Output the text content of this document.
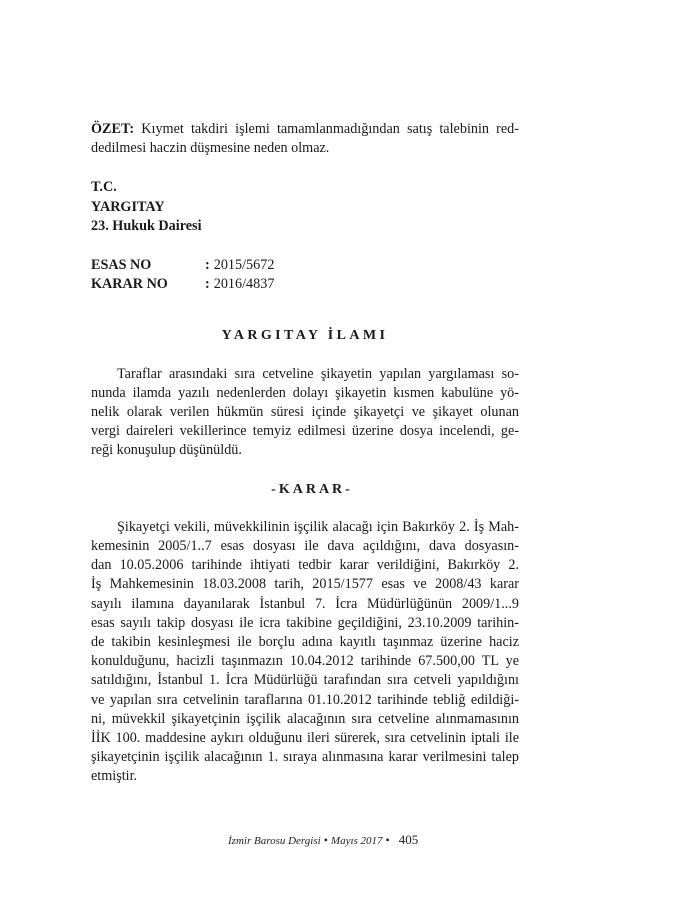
ÖZET: Kıymet takdiri işlemi tamamlanmadığından satış talebinin red-
dedilmesi haczin düşmesine neden olmaz.
T.C.
YARGITAY
23. Hukuk Dairesi
ESAS NO	: 2015/5672
KARAR NO	: 2016/4837
YARGITAY İLAMI
Taraflar arasındaki sıra cetveline şikayetin yapılan yargılaması so-
nunda ilamda yazılı nedenlerden dolayı şikayetin kısmen kabulüne yö-
nelik olarak verilen hükmün süresi içinde şikayetçi ve şikayet olunan
vergi daireleri vekillerince temyiz edilmesi üzerine dosya incelendi, ge-
reği konuşulup düşünüldü.
-KARAR-
Şikayetçi vekili, müvekkilinin işçilik alacağı için Bakırköy 2. İş Mah-
kemesinin 2005/1..7 esas dosyası ile dava açıldığını, dava dosyasın-
dan 10.05.2006 tarihinde ihtiyati tedbir karar verildiğini, Bakırköy 2.
İş Mahkemesinin 18.03.2008 tarih, 2015/1577 esas ve 2008/43 karar
sayılı ilamına dayanılarak İstanbul 7. İcra Müdürlüğünün 2009/1...9
esas sayılı takip dosyası ile icra takibine geçildiğini, 23.10.2009 tarihin-
de takibin kesinleşmesi ile borçlu adına kayıtlı taşınmaz üzerine haciz
konulduğunu, hacizli taşınmazın 10.04.2012 tarihinde 67.500,00 TL ye
satıldığını, İstanbul 1. İcra Müdürlüğü tarafından sıra cetveli yapıldığını
ve yapılan sıra cetvelinin taraflarına 01.10.2012 tarihinde tebliğ edildiği-
ni, müvekkil şikayetçinin işçilik alacağının sıra cetveline alınmamasının
İİK 100. maddesine aykırı olduğunu ileri sürerek, sıra cetvelinin iptali ile
şikayetçinin işçilik alacağının 1. sıraya alınmasına karar verilmesini talep
etmiştir.
İzmir Barosu Dergisi • Mayıs 2017 • 405
